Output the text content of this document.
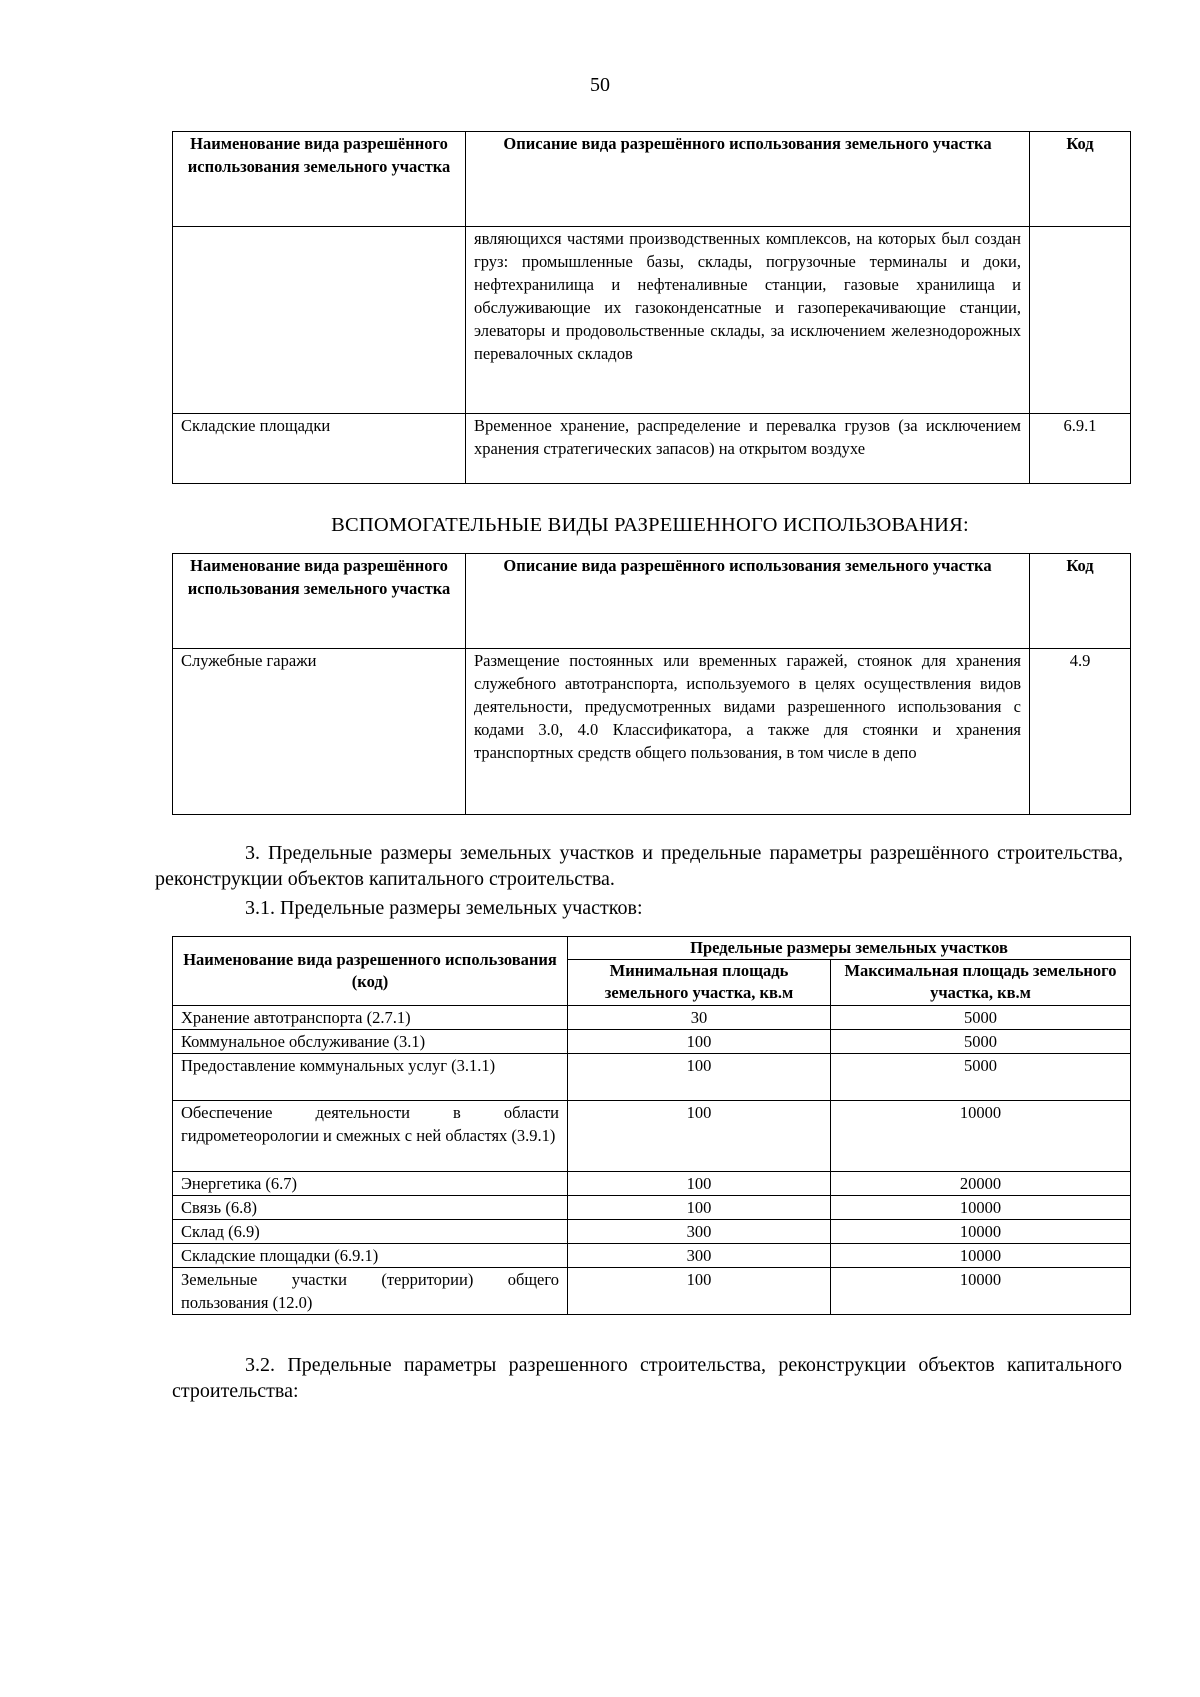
50
Наименование вида разрешённого использования земельного участка	Описание вида разрешённого использования земельного участка	Код
	являющихся частями производственных комплексов, на которых был создан груз: промышленные базы, склады, погрузочные терминалы и доки, нефтехранилища и нефтеналивные станции, газовые хранилища и обслуживающие их газоконденсатные и газоперекачивающие станции, элеваторы и продовольственные склады, за исключением железнодорожных перевалочных складов	
Складские площадки	Временное хранение, распределение и перевалка грузов (за исключением хранения стратегических запасов) на открытом воздухе	6.9.1
ВСПОМОГАТЕЛЬНЫЕ ВИДЫ РАЗРЕШЕННОГО ИСПОЛЬЗОВАНИЯ:
Наименование вида разрешённого использования земельного участка	Описание вида разрешённого использования земельного участка	Код
Служебные гаражи	Размещение постоянных или временных гаражей, стоянок для хранения служебного автотранспорта, используемого в целях осуществления видов деятельности, предусмотренных видами разрешенного использования с кодами 3.0, 4.0 Классификатора, а также для стоянки и хранения транспортных средств общего пользования, в том числе в депо	4.9
3. Предельные размеры земельных участков и предельные параметры разрешённого строительства, реконструкции объектов капитального строительства.
3.1. Предельные размеры земельных участков:
Наименование вида разрешенного использования (код)	Предельные размеры земельных участков	
	Минимальная площадь земельного участка, кв.м	Максимальная площадь земельного участка, кв.м
Хранение автотранспорта (2.7.1)	30	5000
Коммунальное обслуживание (3.1)	100	5000
Предоставление коммунальных услуг (3.1.1)	100	5000
Обеспечение деятельности в области гидрометеорологии и смежных с ней областях (3.9.1)	100	10000
Энергетика (6.7)	100	20000
Связь (6.8)	100	10000
Склад (6.9)	300	10000
Складские площадки (6.9.1)	300	10000
Земельные участки (территории) общего пользования (12.0)	100	10000
3.2. Предельные параметры разрешенного строительства, реконструкции объектов капитального строительства:
